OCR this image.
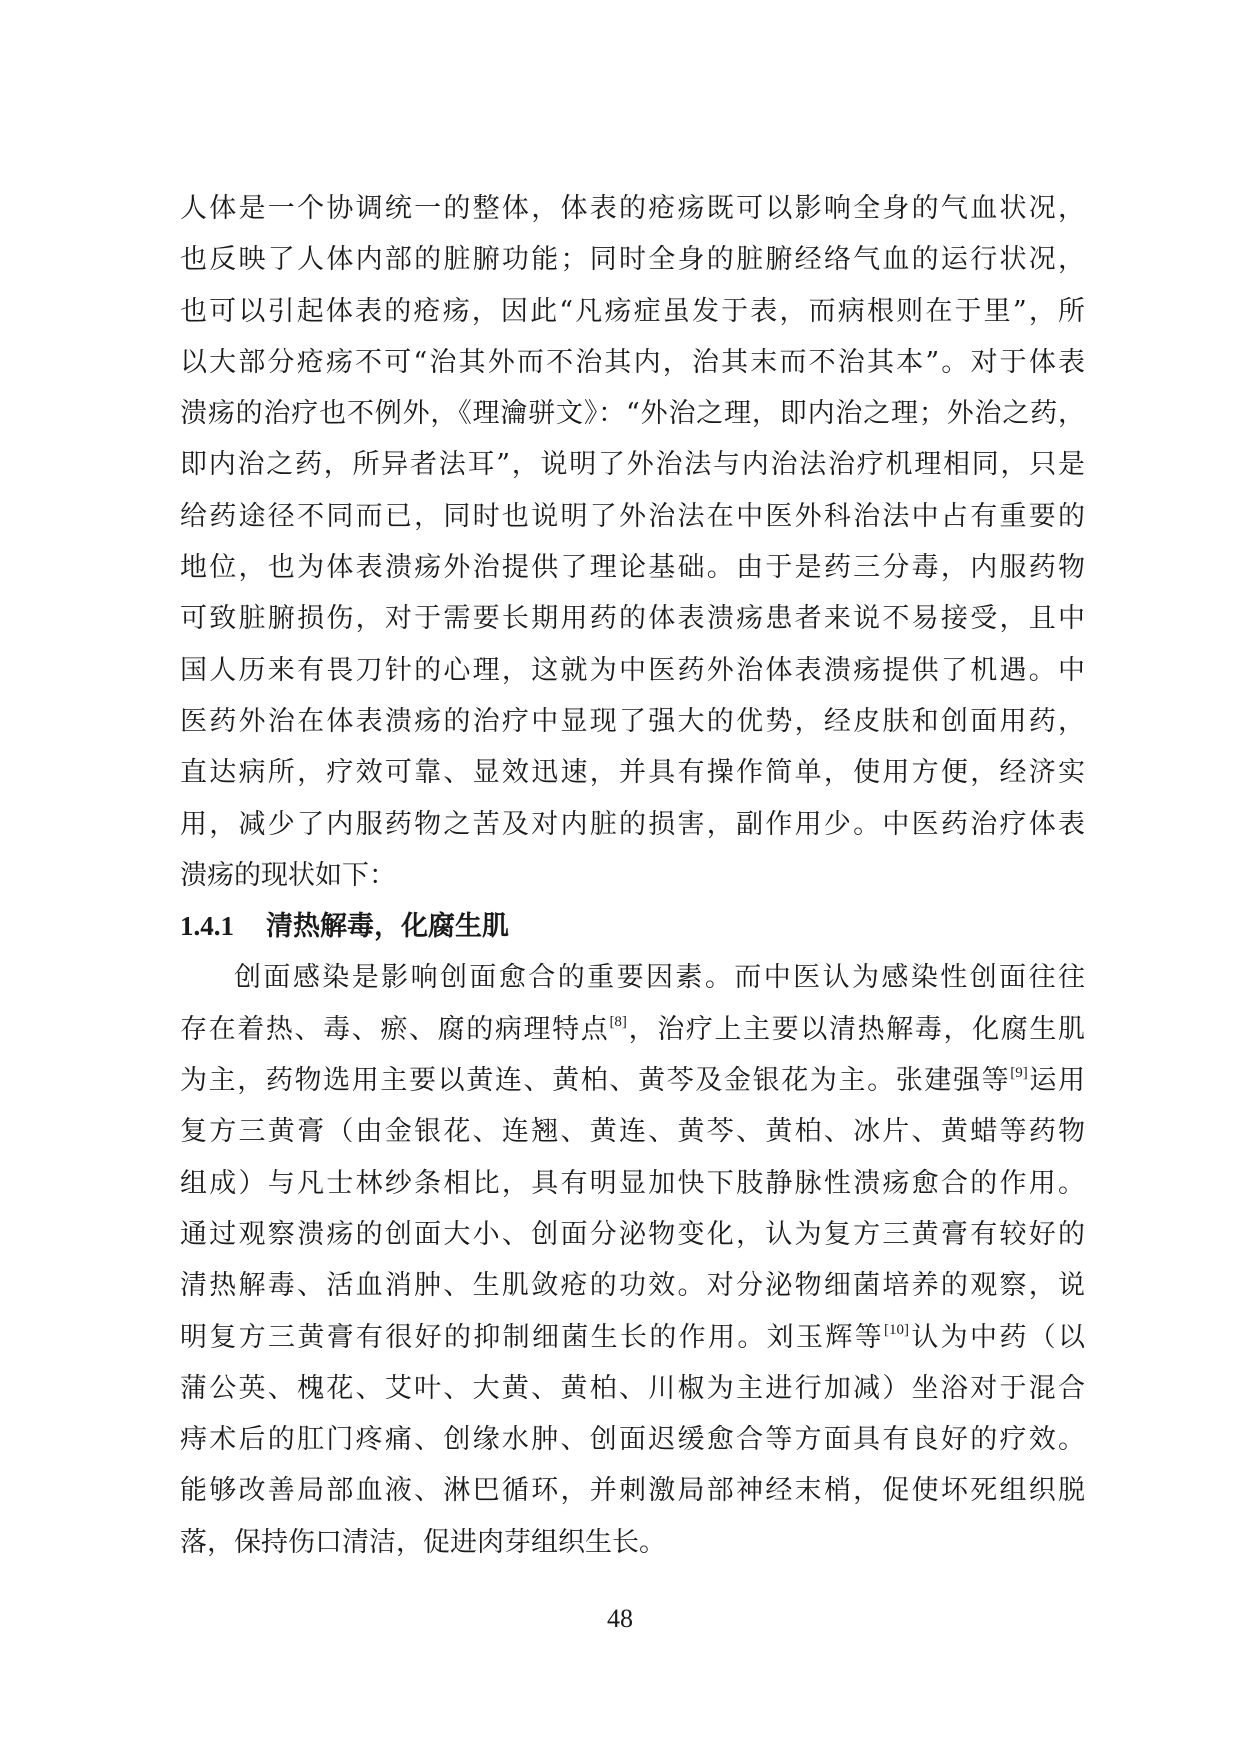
人体是一个协调统一的整体，体表的疮疡既可以影响全身的气血状况，

也反映了人体内部的脏腑功能；同时全身的脏腑经络气血的运行状况，

也可以引起体表的疮疡，因此“凡疡症虽发于表，而病根则在于里”，所

以大部分疮疡不可“治其外而不治其内，治其末而不治其本”。对于体表

溃疡的治疗也不例外，《理瀹骈文》：“外治之理，即内治之理；外治之药，

即内治之药，所异者法耳”，说明了外治法与内治法治疗机理相同，只是

给药途径不同而已，同时也说明了外治法在中医外科治法中占有重要的

地位，也为体表溃疡外治提供了理论基础。由于是药三分毒，内服药物

可致脏腑损伤，对于需要长期用药的体表溃疡患者来说不易接受，且中

国人历来有畏刀针的心理，这就为中医药外治体表溃疡提供了机遇。中

医药外治在体表溃疡的治疗中显现了强大的优势，经皮肤和创面用药，

直达病所，疗效可靠、显效迅速，并具有操作简单，使用方便，经济实

用，减少了内服药物之苦及对内脏的损害，副作用少。中医药治疗体表

溃疡的现状如下：

1.4.1 清热解毒，化腐生肌

创面感染是影响创面愈合的重要因素。而中医认为感染性创面往往

存在着热、毒、瘀、腐的病理特点[8]，治疗上主要以清热解毒，化腐生肌

为主，药物选用主要以黄连、黄柏、黄芩及金银花为主。张建强等[9]运用

复方三黄膏（由金银花、连翘、黄连、黄芩、黄柏、冰片、黄蜡等药物

组成）与凡士林纱条相比，具有明显加快下肢静脉性溃疡愈合的作用。

通过观察溃疡的创面大小、创面分泌物变化，认为复方三黄膏有较好的

清热解毒、活血消肿、生肌敛疮的功效。对分泌物细菌培养的观察，说

明复方三黄膏有很好的抑制细菌生长的作用。刘玉辉等[10]认为中药（以

蒲公英、槐花、艾叶、大黄、黄柏、川椒为主进行加减）坐浴对于混合

痔术后的肛门疼痛、创缘水肿、创面迟缓愈合等方面具有良好的疗效。

能够改善局部血液、淋巴循环，并刺激局部神经末梢，促使坏死组织脱

落，保持伤口清洁，促进肉芽组织生长。

48
